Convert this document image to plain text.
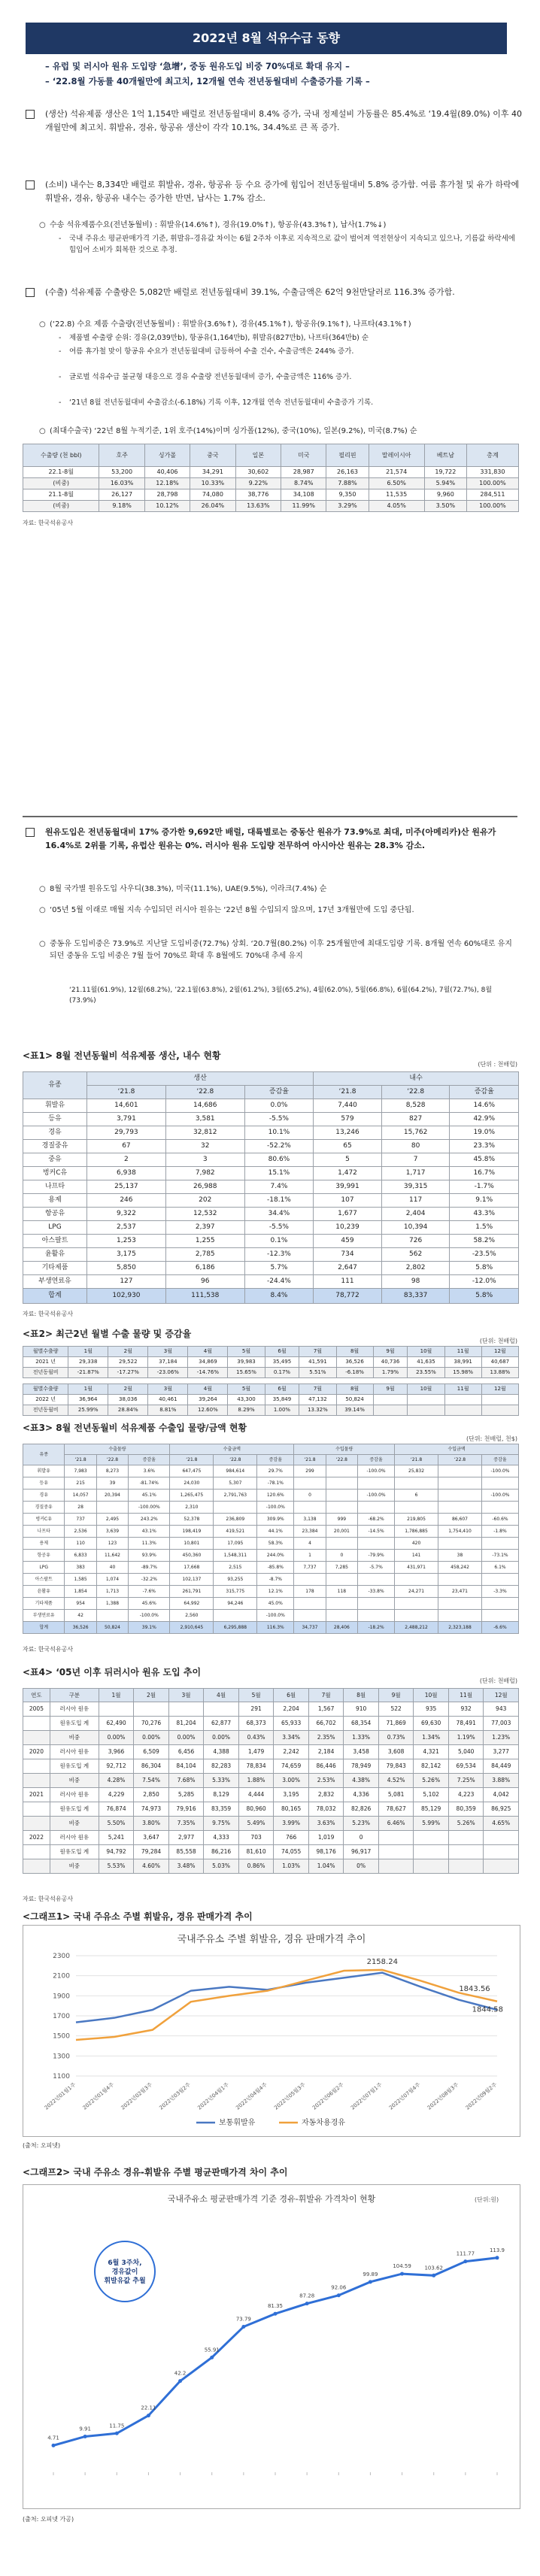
2022년 8월 석유수급 동향
– 유럽 및 러시아 원유 도입량 ‘急增’, 중동 원유도입 비중 70%대로 확대 유지 –
– ‘22.8월 가동률 40개월만에 최고치, 12개월 연속 전년동월대비 수출증가를 기록 –
(생산) 석유제품 생산은 1억 1,154만 배럴로 전년동월대비 8.4% 증가, 국내 정제설비 가동률은 85.4%로 ‘19.4월(89.0%) 이후 40개월만에 최고치. 휘발유, 경유, 항공유 생산이 각각 10.1%, 34.4%로 큰 폭 증가.
(소비) 내수는 8,334만 배럴로 휘발유, 경유, 항공유 등 수요 증가에 힘입어 전년동월대비 5.8% 증가함. 여름 휴가철 및 유가 하락에 휘발유, 경유, 항공유 내수는 증가한 반면, 납사는 1.7% 감소.
○ 수송 석유제품수요(전년동월비) : 휘발유(14.6%↑), 경유(19.0%↑), 항공유(43.3%↑), 납사(1.7%↓)
- 국내 주유소 평균판매가격 기준, 휘발유-경유값 차이는 6월 2주차 이후로 지속적으로 값이 벌어져 역전현상이 지속되고 있으나, 기름값 하락세에 힘입어 소비가 회복한 것으로 추정.
(수출) 석유제품 수출량은 5,082만 배럴로 전년동월대비 39.1%, 수출금액은 62억 9천만달러로 116.3% 증가함.
○ (‘22.8) 수요 제품 수출량(전년동월비) : 휘발유(3.6%↑), 경유(45.1%↑), 항공유(9.1%↑), 나프타(43.1%↑)
- 제품별 수출량 순위: 경유(2,039만b), 항공유(1,164만b), 휘발유(827만b), 나프타(364만b) 순
- 여름 휴가철 맞이 항공유 수요가 전년동월대비 급등하여 수출 건수, 수출금액은 244% 증가.
- 글로벌 석유수급 불균형 대응으로 경유 수출량 전년동월대비 증가, 수출금액은 116% 증가.
- ‘21년 8월 전년동월대비 수출감소(-6.18%) 기록 이후, 12개월 연속 전년동월대비 수출증가 기록.
○ (최대수출국) ‘22년 8월 누적기준, 1위 호주(14%)이며 싱가폴(12%), 중국(10%), 일본(9.2%), 미국(8.7%) 순
수출량 (천 bbl)	호주	싱가폴	중국	일본	미국	필리핀	말레이시아	베트남	총계
22.1-8월	53,200	40,406	34,291	30,602	28,987	26,163	21,574	19,722	331,830
(비중)	16.03%	12.18%	10.33%	9.22%	8.74%	7.88%	6.50%	5.94%	100.00%
21.1-8월	26,127	28,798	74,080	38,776	34,108	9,350	11,535	9,960	284,511
(비중)	9.18%	10.12%	26.04%	13.63%	11.99%	3.29%	4.05%	3.50%	100.00%
자료: 한국석유공사
원유도입은 전년동월대비 17% 증가한 9,692만 배럴, 대륙별로는 중동산 원유가 73.9%로 최대, 미주(아메리카)산 원유가 16.4%로 2위를 기록, 유럽산 원유는 0%. 러시아 원유 도입량 전무하여 아시아산 원유는 28.3% 감소.
○ 8월 국가별 원유도입 사우디(38.3%), 미국(11.1%), UAE(9.5%), 이라크(7.4%) 순
○ ‘05년 5월 이래로 매월 지속 수입되던 러시아 원유는 ‘22년 8월 수입되지 않으며, 17년 3개월만에 도입 중단됨.
○ 중동유 도입비중은 73.9%로 지난달 도입비중(72.7%) 상회. ‘20.7월(80.2%) 이후 25개월만에 최대도입량 기록. 8개월 연속 60%대로 유지되던 중동유 도입 비중은 7월 들어 70%로 확대 후 8월에도 70%대 추세 유지
‘21.11월(61.9%), 12월(68.2%), ’22.1월(63.8%), 2월(61.2%), 3월(65.2%), 4월(62.0%), 5월(66.8%), 6월(64.2%), 7월(72.7%), 8월(73.9%)
<표1> 8월 전년동월비 석유제품 생산, 내수 현황
(단위 : 천배럴)
유종	생산			내수		
	‘21.8	‘22.8	증감율	‘21.8	‘22.8	증감율
휘발유	14,601	14,686	0.0%	7,440	8,528	14.6%
등유	3,791	3,581	-5.5%	579	827	42.9%
경유	29,793	32,812	10.1%	13,246	15,762	19.0%
경질중유	67	32	-52.2%	65	80	23.3%
중유	2	3	80.6%	5	7	45.8%
벙커C유	6,938	7,982	15.1%	1,472	1,717	16.7%
나프타	25,137	26,988	7.4%	39,991	39,315	-1.7%
용제	246	202	-18.1%	107	117	9.1%
항공유	9,322	12,532	34.4%	1,677	2,404	43.3%
LPG	2,537	2,397	-5.5%	10,239	10,394	1.5%
아스팔트	1,253	1,255	0.1%	459	726	58.2%
윤활유	3,175	2,785	-12.3%	734	562	-23.5%
기타제품	5,850	6,186	5.7%	2,647	2,802	5.8%
부생연료유	127	96	-24.4%	111	98	-12.0%
합계	102,930	111,538	8.4%	78,772	83,337	5.8%
자료: 한국석유공사
<표2> 최근2년 월별 수출 물량 및 증감율
(단위: 천배럴)
월별수출량	1월	2월	3월	4월	5월	6월	7월	8월	9월	10월	11월	12월
2021 년	29,338	29,522	37,184	34,869	39,983	35,495	41,591	36,526	40,736	41,635	38,991	40,687
전년동월비	-21.87%	-17.27%	-23.06%	-14.76%	15.65%	0.17%	5.51%	-6.18%	1.79%	23.55%	15.98%	13.88%

월별수출량	1월	2월	3월	4월	5월	6월	7월	8월	9월	10월	11월	12월
2022 년	36,964	38,036	40,461	39,264	43,300	35,849	47,132	50,824				
전년동월비	25.99%	28.84%	8.81%	12.60%	8.29%	1.00%	13.32%	39.14%				
<표3> 8월 전년동월비 석유제품 수출입 물량/금액 현황
(단위: 천배럴, 천$)
유종	수출물량			수출금액			수입물량			수입금액		
	‘21.8	‘22.8	증감율	‘21.8	‘22.8	증감율	‘21.8	‘22.8	증감율	‘21.8	‘22.8	증감율
휘발유	7,983	8,273	3.6%	647,475	984,614	29.7%	299		-100.0%	25,832		-100.0%
등유	215	39	-81.74%	24,030	5,307	-78.1%						
경유	14,057	20,394	45.1%	1,265,475	2,791,763	120.6%	0		-100.0%	6		-100.0%
경질중유	28		-100.00%	2,310		-100.0%						
벙커C유	737	2,495	243.2%	52,378	236,809	309.9%	3,138	999	-68.2%	219,805	86,607	-60.6%
나프타	2,536	3,639	43.1%	198,419	419,521	44.1%	23,384	20,001	-14.5%	1,786,885	1,754,410	-1.8%
용제	110	123	11.3%	10,801	17,095	58.3%	4			420		
항공유	6,833	11,642	93.9%	450,360	1,548,311	244.0%	1	0	-79.9%	141	38	-73.1%
LPG	383	40	-89.7%	17,668	2,515	-85.8%	7,737	7,285	-5.7%	431,971	458,242	6.1%
아스팔트	1,585	1,074	-32.2%	102,137	93,255	-8.7%						
윤활유	1,854	1,713	-7.6%	261,791	315,775	12.1%	178	118	-33.8%	24,271	23,471	-3.3%
기타제품	954	1,388	45.6%	64,992	94,246	45.0%						
부생연료유	42		-100.0%	2,560		-100.0%						
합계	36,526	50,824	39.1%	2,910,645	6,295,888	116.3%	34,737	28,406	-18.2%	2,488,212	2,323,188	-6.6%
자료: 한국석유공사
<표4> ‘05년 이후 뒤러시아 원유 도입 추이
(단위: 천배럴)
연도	구분	1월	2월	3월	4월	5월	6월	7월	8월	9월	10월	11월	12월
2005	러시아 원유					291	2,204	1,567	910	522	935	932	943
	원유도입 계	62,490	70,276	81,204	62,877	68,373	65,933	66,702	68,354	71,869	69,630	78,491	77,003
	비중	0.00%	0.00%	0.00%	0.00%	0.43%	3.34%	2.35%	1.33%	0.73%	1.34%	1.19%	1.23%
2020	러시아 원유	3,966	6,509	6,456	4,388	1,479	2,242	2,184	3,458	3,608	4,321	5,040	3,277
	원유도입 계	92,712	86,304	84,104	82,283	78,834	74,659	86,446	78,949	79,843	82,142	69,534	84,449
	비중	4.28%	7.54%	7.68%	5.33%	1.88%	3.00%	2.53%	4.38%	4.52%	5.26%	7.25%	3.88%
2021	러시아 원유	4,229	2,850	5,285	8,129	4,444	3,195	2,832	4,336	5,081	5,102	4,223	4,042
	원유도입 계	76,874	74,973	79,916	83,359	80,960	80,165	78,032	82,826	78,627	85,129	80,359	86,925
	비중	5.50%	3.80%	7.35%	9.75%	5.49%	3.99%	3.63%	5.23%	6.46%	5.99%	5.26%	4.65%
2022	러시아 원유	5,241	3,647	2,977	4,333	703	766	1,019	0				
	원유도입 계	94,792	79,284	85,558	86,216	81,610	74,055	98,176	96,917				
	비중	5.53%	4.60%	3.48%	5.03%	0.86%	1.03%	1.04%	0%				
자료: 한국석유공사
<그래프1> 국내 주유소 주별 휘발유, 경유 판매가격 추이
국내주유소 주별 휘발유, 경유 판매가격 추이
2300
2100
1900
1700
1500
1300
1100
2022년01월1주 2022년01월4주 2022년02월3주 2022년03월2주 2022년04월1주 2022년04월4주 2022년05월3주 2022년06월2주 2022년07월1주 2022년07월4주 2022년08월3주 2022년09월2주
2158.24
1843.56
1844.58
보통휘발유	자동차용경유
(출처: 오피넷)
<그래프2> 국내 주유소 경유-휘발유 주별 평균판매가격 차이 추이
국내주유소 평균판매가격 기준 경유-휘발유 가격차이 현황	(단위:원)
4.71
9.91
11.75
22.11
42.2
55.91
73.79
81.35
87.28
92.06
99.89
104.59	103.62
111.77
113.9
6월 3주차,
경유값이
휘발유값 추월
(출처: 오피넷 가공)
